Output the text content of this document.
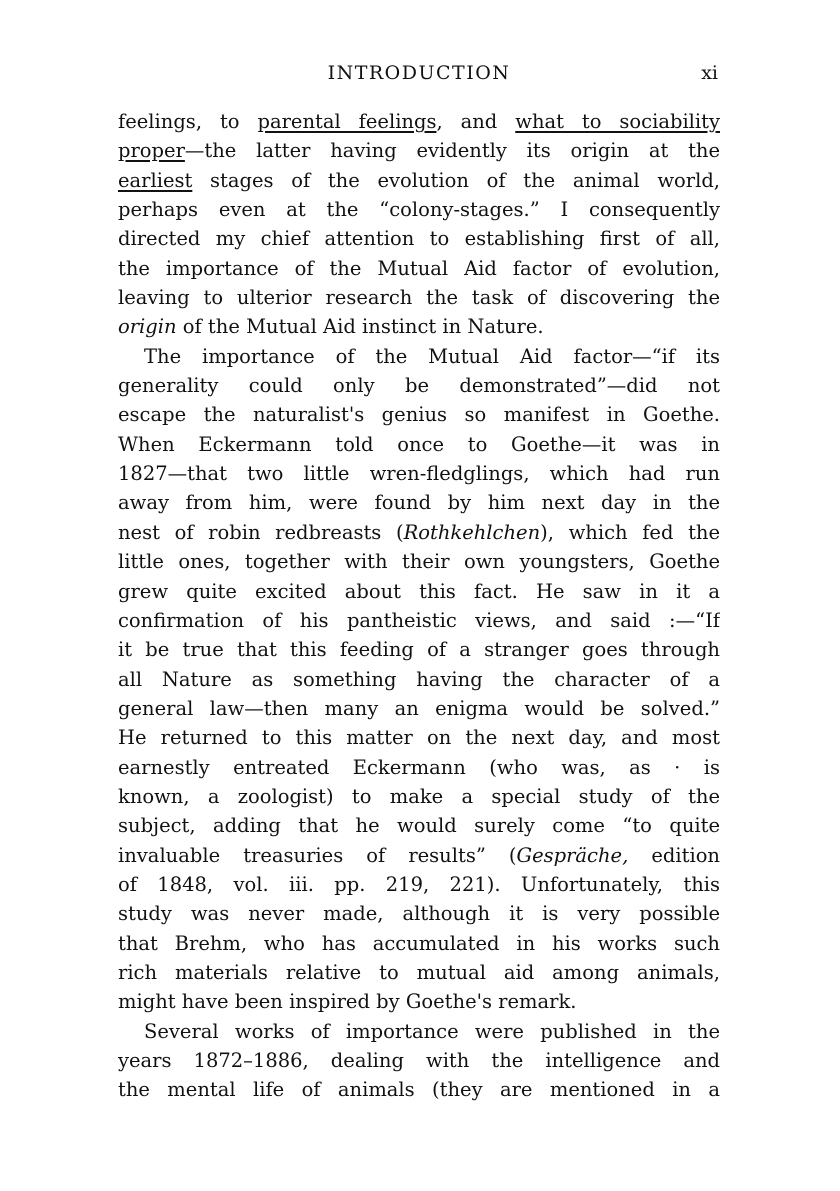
INTRODUCTION	xi
feelings, to parental feelings, and what to sociability
proper—the latter having evidently its origin at the
earliest stages of the evolution of the animal world,
perhaps even at the “colony-stages.” I consequently
directed my chief attention to establishing first of all,
the importance of the Mutual Aid factor of evolution,
leaving to ulterior research the task of discovering the
origin of the Mutual Aid instinct in Nature.
The importance of the Mutual Aid factor—“if its
generality could only be demonstrated”—did not
escape the naturalist's genius so manifest in Goethe.
When Eckermann told once to Goethe—it was in
1827—that two little wren-fledglings, which had run
away from him, were found by him next day in the
nest of robin redbreasts (Rothkehlchen), which fed the
little ones, together with their own youngsters, Goethe
grew quite excited about this fact. He saw in it a
confirmation of his pantheistic views, and said :—“If
it be true that this feeding of a stranger goes through
all Nature as something having the character of a
general law—then many an enigma would be solved.”
He returned to this matter on the next day, and most
earnestly entreated Eckermann (who was, as · is
known, a zoologist) to make a special study of the
subject, adding that he would surely come “to quite
invaluable treasuries of results” (Gespräche, edition
of 1848, vol. iii. pp. 219, 221). Unfortunately, this
study was never made, although it is very possible
that Brehm, who has accumulated in his works such
rich materials relative to mutual aid among animals,
might have been inspired by Goethe's remark.
Several works of importance were published in the
years 1872–1886, dealing with the intelligence and
the mental life of animals (they are mentioned in a
